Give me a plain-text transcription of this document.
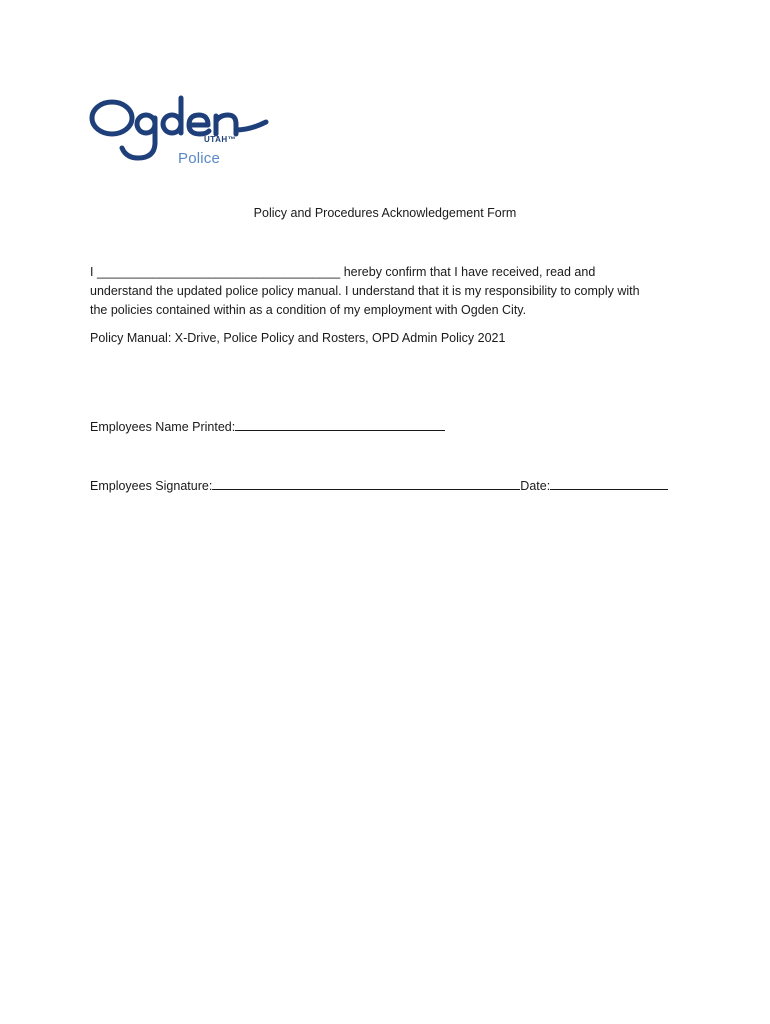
UTAH™
Police
Policy and Procedures Acknowledgement Form

I ___________________________________ hereby confirm that I have received, read and

understand the updated police policy manual. I understand that it is my responsibility to comply with

the policies contained within as a condition of my employment with Ogden City.

Policy Manual: X-Drive, Police Policy and Rosters, OPD Admin Policy 2021
Employees Name Printed:
Employees Signature:	Date:
